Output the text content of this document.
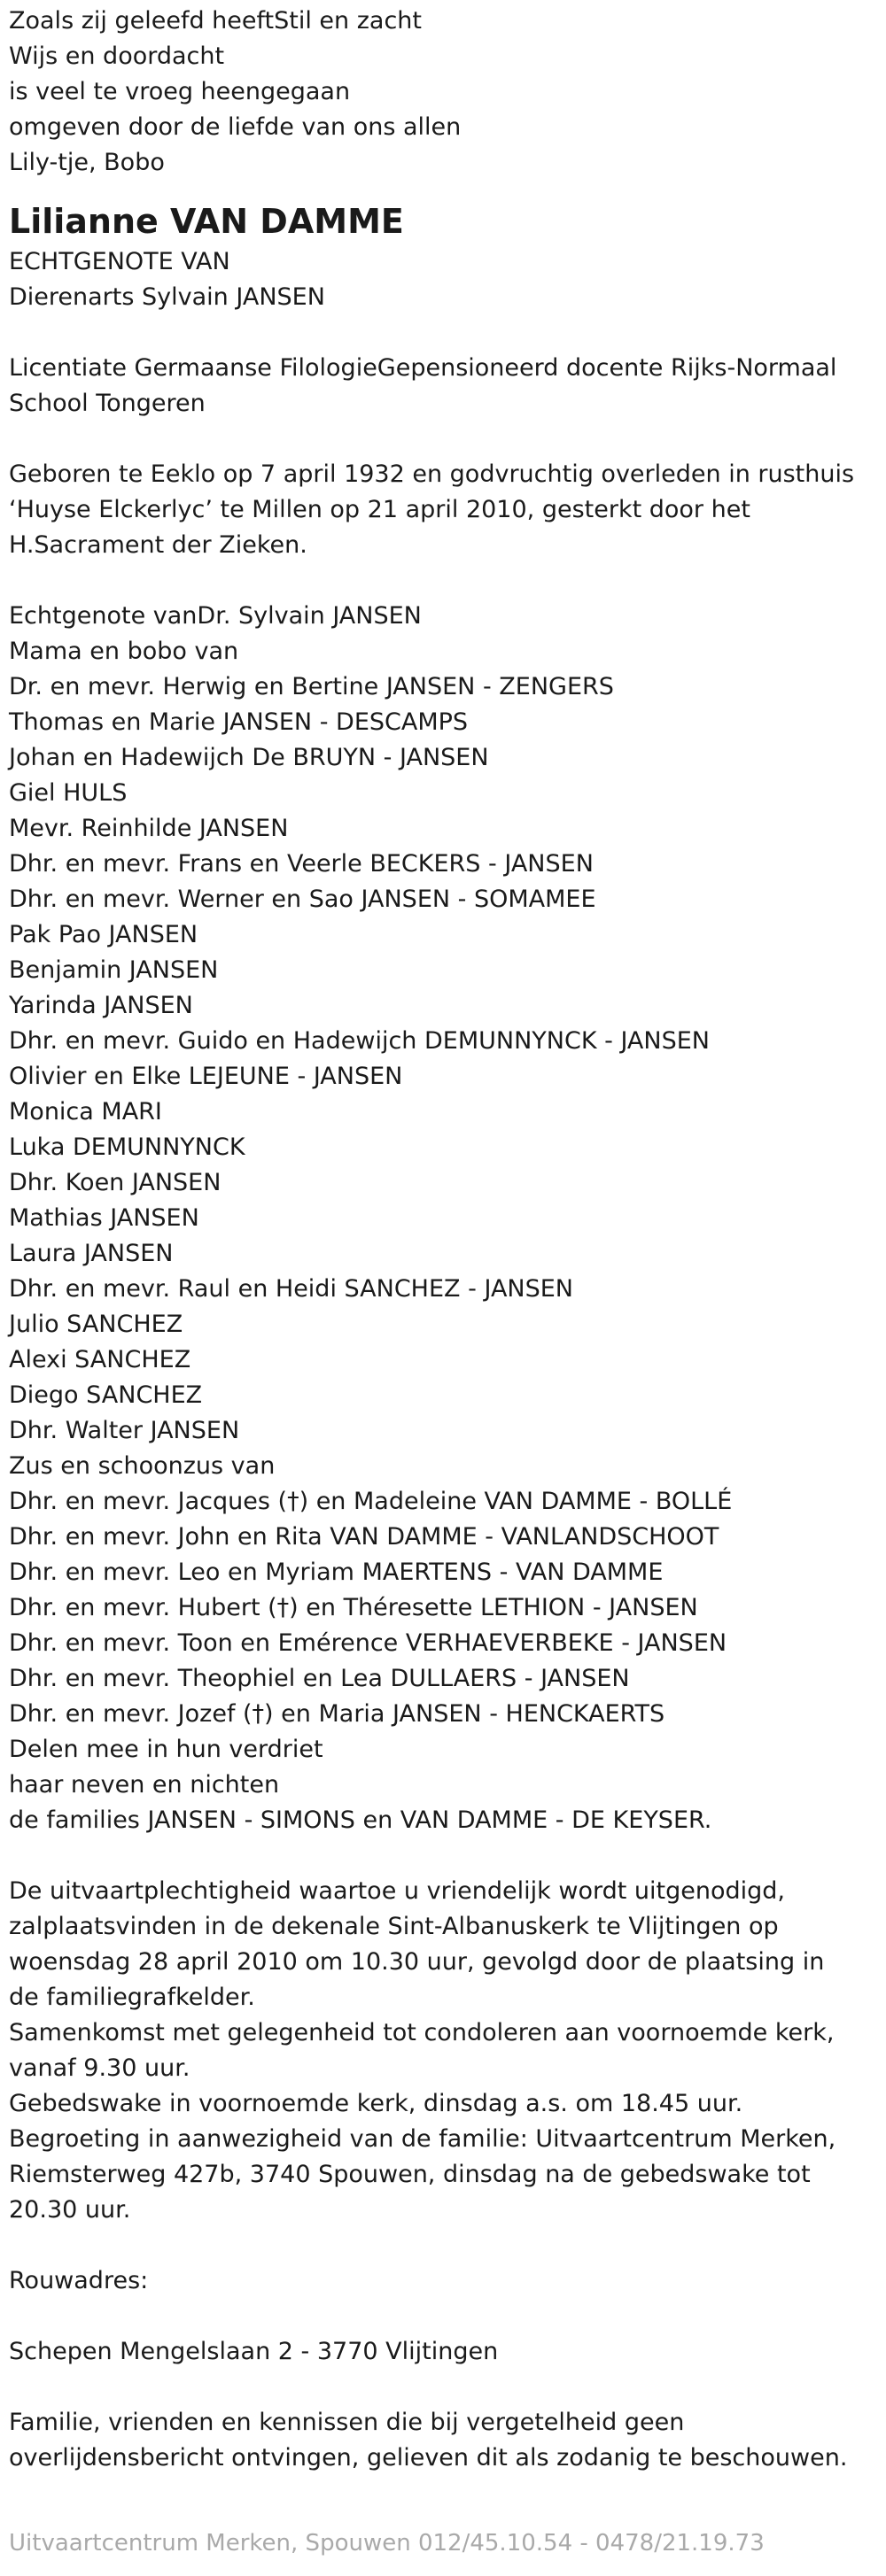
Zoals zij geleefd heeftStil en zacht
Wijs en doordacht
is veel te vroeg heengegaan
omgeven door de liefde van ons allen
Lily-tje, Bobo
Lilianne VAN DAMME
ECHTGENOTE VAN
Dierenarts Sylvain JANSEN
Licentiate Germaanse FilologieGepensioneerd docente Rijks-Normaal School Tongeren
Geboren te Eeklo op 7 april 1932 en godvruchtig overleden in rusthuis ‘Huyse Elckerlyc’ te Millen op 21 april 2010, gesterkt door het H.Sacrament der Zieken.
Echtgenote vanDr. Sylvain JANSEN
Mama en bobo van
Dr. en mevr. Herwig en Bertine JANSEN - ZENGERS
Thomas en Marie JANSEN - DESCAMPS
Johan en Hadewijch De BRUYN - JANSEN
Giel HULS
Mevr. Reinhilde JANSEN
Dhr. en mevr. Frans en Veerle BECKERS - JANSEN
Dhr. en mevr. Werner en Sao JANSEN - SOMAMEE
Pak Pao JANSEN
Benjamin JANSEN
Yarinda JANSEN
Dhr. en mevr. Guido en Hadewijch DEMUNNYNCK - JANSEN
Olivier en Elke LEJEUNE - JANSEN
Monica MARI
Luka DEMUNNYNCK
Dhr. Koen JANSEN
Mathias JANSEN
Laura JANSEN
Dhr. en mevr. Raul en Heidi SANCHEZ - JANSEN
Julio SANCHEZ
Alexi SANCHEZ
Diego SANCHEZ
Dhr. Walter JANSEN
Zus en schoonzus van
Dhr. en mevr. Jacques (†) en Madeleine VAN DAMME - BOLLÉ
Dhr. en mevr. John en Rita VAN DAMME - VANLANDSCHOOT
Dhr. en mevr. Leo en Myriam MAERTENS - VAN DAMME
Dhr. en mevr. Hubert (†) en Théresette LETHION - JANSEN
Dhr. en mevr. Toon en Emérence VERHAEVERBEKE - JANSEN
Dhr. en mevr. Theophiel en Lea DULLAERS - JANSEN
Dhr. en mevr. Jozef (†) en Maria JANSEN - HENCKAERTS
Delen mee in hun verdriet
haar neven en nichten
de families JANSEN - SIMONS en VAN DAMME - DE KEYSER.
De uitvaartplechtigheid waartoe u vriendelijk wordt uitgenodigd, zalplaatsvinden in de dekenale Sint-Albanuskerk te Vlijtingen op woensdag 28 april 2010 om 10.30 uur, gevolgd door de plaatsing in de familiegrafkelder.
Samenkomst met gelegenheid tot condoleren aan voornoemde kerk, vanaf 9.30 uur.
Gebedswake in voornoemde kerk, dinsdag a.s. om 18.45 uur.
Begroeting in aanwezigheid van de familie: Uitvaartcentrum Merken, Riemsterweg 427b, 3740 Spouwen, dinsdag na de gebedswake tot 20.30 uur.
Rouwadres:
Schepen Mengelslaan 2 - 3770 Vlijtingen
Familie, vrienden en kennissen die bij vergetelheid geen overlijdensbericht ontvingen, gelieven dit als zodanig te beschouwen.
Uitvaartcentrum Merken, Spouwen 012/45.10.54 - 0478/21.19.73
